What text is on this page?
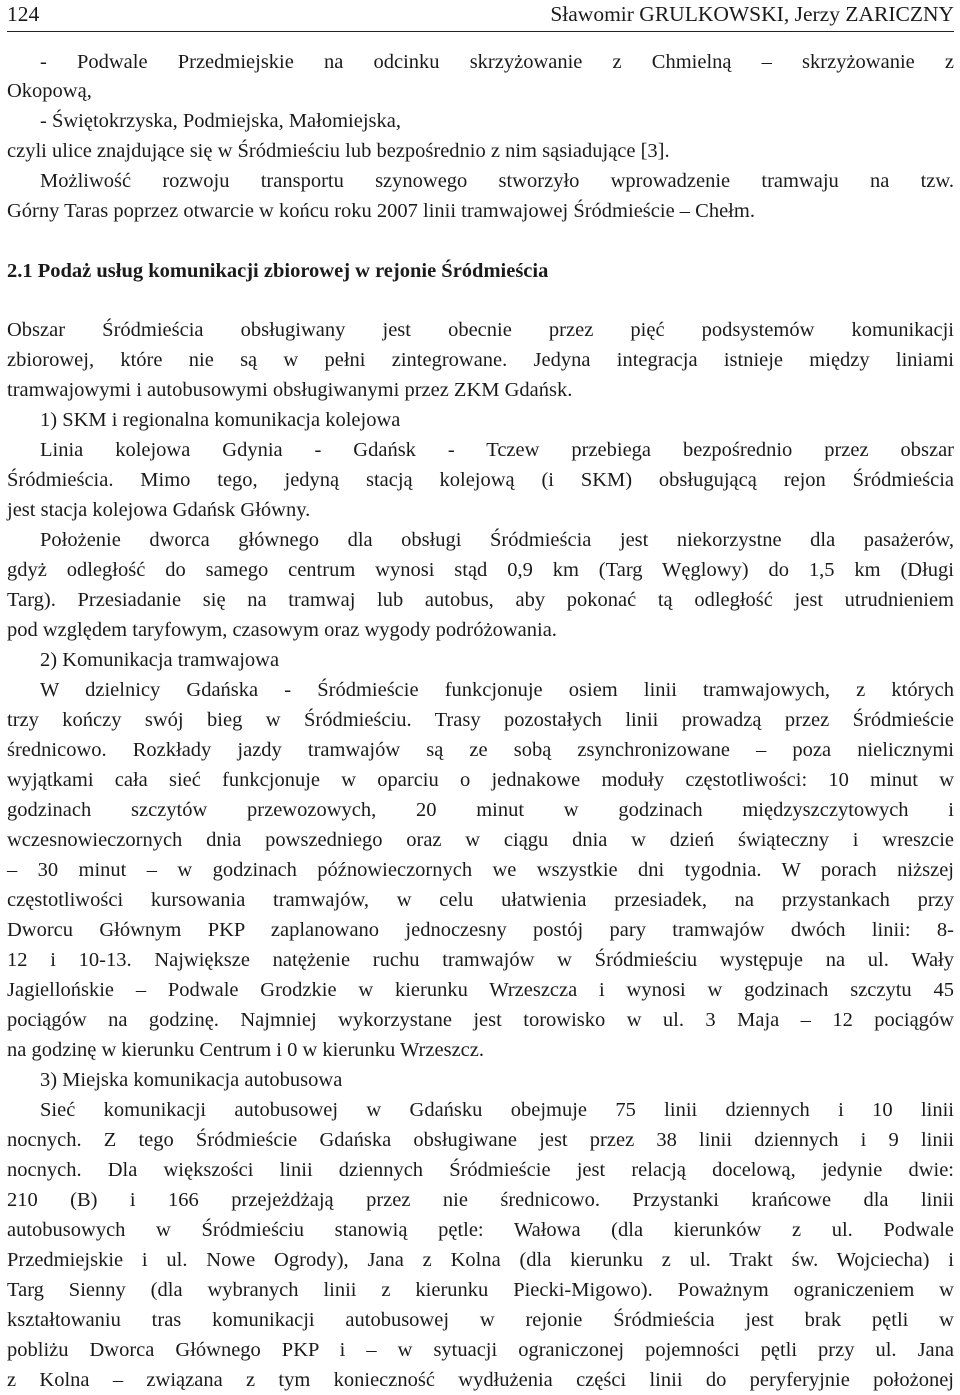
124	Sławomir GRULKOWSKI, Jerzy ZARICZNY
- Podwale Przedmiejskie na odcinku skrzyżowanie z Chmielną – skrzyżowanie z
Okopową,
- Świętokrzyska, Podmiejska, Małomiejska,
czyli ulice znajdujące się w Śródmieściu lub bezpośrednio z nim sąsiadujące [3].
Możliwość rozwoju transportu szynowego stworzyło wprowadzenie tramwaju na tzw.
Górny Taras poprzez otwarcie w końcu roku 2007 linii tramwajowej Śródmieście – Chełm.
2.1 Podaż usług komunikacji zbiorowej w rejonie Śródmieścia
Obszar Śródmieścia obsługiwany jest obecnie przez pięć podsystemów komunikacji
zbiorowej, które nie są w pełni zintegrowane. Jedyna integracja istnieje między liniami
tramwajowymi i autobusowymi obsługiwanymi przez ZKM Gdańsk.
1) SKM i regionalna komunikacja kolejowa
Linia kolejowa Gdynia - Gdańsk - Tczew przebiega bezpośrednio przez obszar
Śródmieścia. Mimo tego, jedyną stacją kolejową (i SKM) obsługującą rejon Śródmieścia
jest stacja kolejowa Gdańsk Główny.
Położenie dworca głównego dla obsługi Śródmieścia jest niekorzystne dla pasażerów,
gdyż odległość do samego centrum wynosi stąd 0,9 km (Targ Węglowy) do 1,5 km (Długi
Targ). Przesiadanie się na tramwaj lub autobus, aby pokonać tą odległość jest utrudnieniem
pod względem taryfowym, czasowym oraz wygody podróżowania.
2) Komunikacja tramwajowa
W dzielnicy Gdańska - Śródmieście funkcjonuje osiem linii tramwajowych, z których
trzy kończy swój bieg w Śródmieściu. Trasy pozostałych linii prowadzą przez Śródmieście
średnicowo. Rozkłady jazdy tramwajów są ze sobą zsynchronizowane – poza nielicznymi
wyjątkami cała sieć funkcjonuje w oparciu o jednakowe moduły częstotliwości: 10 minut w
godzinach szczytów przewozowych, 20 minut w godzinach międzyszczytowych i
wczesnowieczornych dnia powszedniego oraz w ciągu dnia w dzień świąteczny i wreszcie
– 30 minut – w godzinach późnowieczornych we wszystkie dni tygodnia. W porach niższej
częstotliwości kursowania tramwajów, w celu ułatwienia przesiadek, na przystankach przy
Dworcu Głównym PKP zaplanowano jednoczesny postój pary tramwajów dwóch linii: 8-
12 i 10-13. Największe natężenie ruchu tramwajów w Śródmieściu występuje na ul. Wały
Jagiellońskie – Podwale Grodzkie w kierunku Wrzeszcza i wynosi w godzinach szczytu 45
pociągów na godzinę. Najmniej wykorzystane jest torowisko w ul. 3 Maja – 12 pociągów
na godzinę w kierunku Centrum i 0 w kierunku Wrzeszcz.
3) Miejska komunikacja autobusowa
Sieć komunikacji autobusowej w Gdańsku obejmuje 75 linii dziennych i 10 linii
nocnych. Z tego Śródmieście Gdańska obsługiwane jest przez 38 linii dziennych i 9 linii
nocnych. Dla większości linii dziennych Śródmieście jest relacją docelową, jedynie dwie:
210 (B) i 166 przejeżdżają przez nie średnicowo. Przystanki krańcowe dla linii
autobusowych w Śródmieściu stanowią pętle: Wałowa (dla kierunków z ul. Podwale
Przedmiejskie i ul. Nowe Ogrody), Jana z Kolna (dla kierunku z ul. Trakt św. Wojciecha) i
Targ Sienny (dla wybranych linii z kierunku Piecki-Migowo). Poważnym ograniczeniem w
kształtowaniu tras komunikacji autobusowej w rejonie Śródmieścia jest brak pętli w
pobliżu Dworca Głównego PKP i – w sytuacji ograniczonej pojemności pętli przy ul. Jana
z Kolna – związana z tym konieczność wydłużenia części linii do peryferyjnie położonej
